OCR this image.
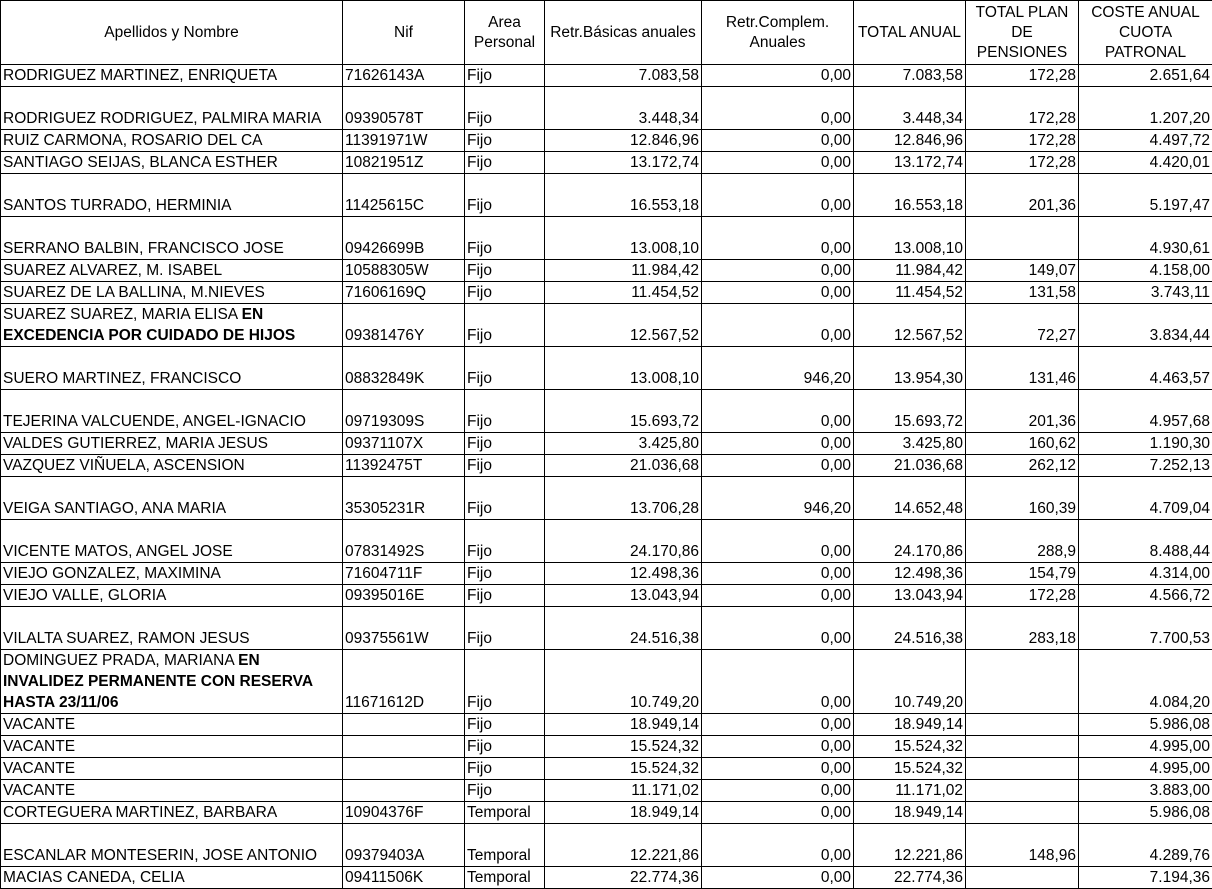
Apellidos y Nombre	Nif	Area Personal	Retr.Básicas anuales	Retr.Complem. Anuales	TOTAL ANUAL	TOTAL PLAN DE PENSIONES	COSTE ANUAL CUOTA PATRONAL
RODRIGUEZ MARTINEZ, ENRIQUETA	71626143A	Fijo	7.083,58	0,00	7.083,58	172,28	2.651,64
RODRIGUEZ RODRIGUEZ, PALMIRA MARIA	09390578T	Fijo	3.448,34	0,00	3.448,34	172,28	1.207,20
RUIZ CARMONA, ROSARIO DEL CA	11391971W	Fijo	12.846,96	0,00	12.846,96	172,28	4.497,72
SANTIAGO SEIJAS, BLANCA ESTHER	10821951Z	Fijo	13.172,74	0,00	13.172,74	172,28	4.420,01
SANTOS TURRADO, HERMINIA	11425615C	Fijo	16.553,18	0,00	16.553,18	201,36	5.197,47
SERRANO BALBIN, FRANCISCO JOSE	09426699B	Fijo	13.008,10	0,00	13.008,10		4.930,61
SUAREZ ALVAREZ, M. ISABEL	10588305W	Fijo	11.984,42	0,00	11.984,42	149,07	4.158,00
SUAREZ DE LA BALLINA, M.NIEVES	71606169Q	Fijo	11.454,52	0,00	11.454,52	131,58	3.743,11
SUAREZ SUAREZ, MARIA ELISA EN EXCEDENCIA POR CUIDADO DE HIJOS	09381476Y	Fijo	12.567,52	0,00	12.567,52	72,27	3.834,44
SUERO MARTINEZ, FRANCISCO	08832849K	Fijo	13.008,10	946,20	13.954,30	131,46	4.463,57
TEJERINA VALCUENDE, ANGEL-IGNACIO	09719309S	Fijo	15.693,72	0,00	15.693,72	201,36	4.957,68
VALDES GUTIERREZ, MARIA JESUS	09371107X	Fijo	3.425,80	0,00	3.425,80	160,62	1.190,30
VAZQUEZ VIÑUELA, ASCENSION	11392475T	Fijo	21.036,68	0,00	21.036,68	262,12	7.252,13
VEIGA SANTIAGO, ANA MARIA	35305231R	Fijo	13.706,28	946,20	14.652,48	160,39	4.709,04
VICENTE MATOS, ANGEL JOSE	07831492S	Fijo	24.170,86	0,00	24.170,86	288,9	8.488,44
VIEJO GONZALEZ, MAXIMINA	71604711F	Fijo	12.498,36	0,00	12.498,36	154,79	4.314,00
VIEJO VALLE, GLORIA	09395016E	Fijo	13.043,94	0,00	13.043,94	172,28	4.566,72
VILALTA SUAREZ, RAMON JESUS	09375561W	Fijo	24.516,38	0,00	24.516,38	283,18	7.700,53
DOMINGUEZ PRADA, MARIANA EN INVALIDEZ PERMANENTE CON RESERVA HASTA 23/11/06	11671612D	Fijo	10.749,20	0,00	10.749,20		4.084,20
VACANTE		Fijo	18.949,14	0,00	18.949,14		5.986,08
VACANTE		Fijo	15.524,32	0,00	15.524,32		4.995,00
VACANTE		Fijo	15.524,32	0,00	15.524,32		4.995,00
VACANTE		Fijo	11.171,02	0,00	11.171,02		3.883,00
CORTEGUERA MARTINEZ, BARBARA	10904376F	Temporal	18.949,14	0,00	18.949,14		5.986,08
ESCANLAR MONTESERIN, JOSE ANTONIO	09379403A	Temporal	12.221,86	0,00	12.221,86	148,96	4.289,76
MACIAS CANEDA, CELIA	09411506K	Temporal	22.774,36	0,00	22.774,36		7.194,36
